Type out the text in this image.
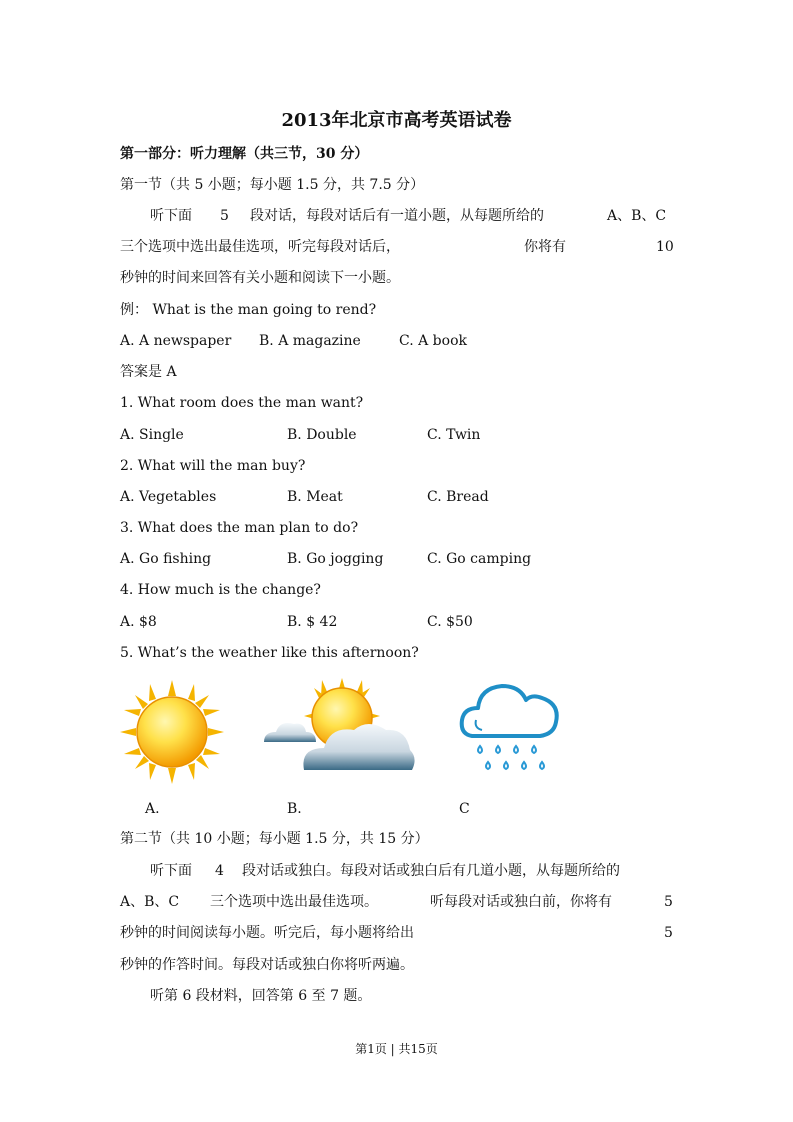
2013年北京市高考英语试卷
第一部分：听力理解（共三节，30 分）
第一节（共 5 小题；每小题 1.5 分，共 7.5 分）
听下面 5 段对话，每段对话后有一道小题，从每题所给的	A、B、C
三个选项中选出最佳选项，听完每段对话后，	你将有	10
秒钟的时间来回答有关小题和阅读下一小题。
例： What is the man going to rend?
A. A newspaper B. A magazine	C. A book
答案是 A
1. What room does the man want?
A. Single	B. Double	C. Twin
2. What will the man buy?
A. Vegetables	B. Meat	C. Bread
3. What does the man plan to do?
A. Go fishing	B. Go jogging	C. Go camping
4. How much is the change?
A. $8	B. $ 42	C. $50
5. What’s the weather like this afternoon?
A.	B.	C
第二节（共 10 小题；每小题 1.5 分，共 15 分）
听下面 4 段对话或独白。每段对话或独白后有几道小题，从每题所给的
A、B、C 三个选项中选出最佳选项。	听每段对话或独白前，你将有	5
秒钟的时间阅读每小题。听完后，每小题将给出	5
秒钟的作答时间。每段对话或独白你将听两遍。
听第 6 段材料，回答第 6 至 7 题。
第1页 | 共15页
